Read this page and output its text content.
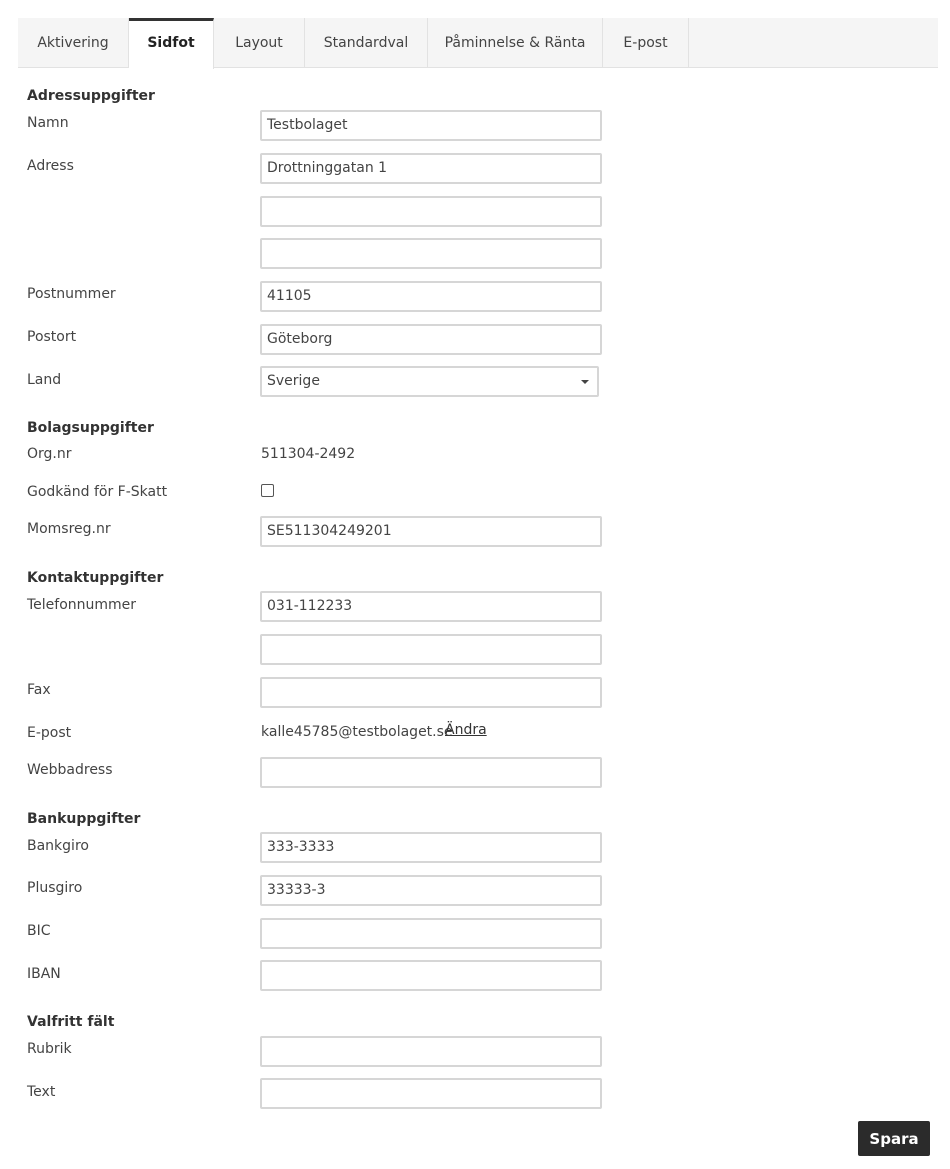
Aktivering	Sidfot	Layout	Standardval	Påminnelse & Ränta	E-post
Adressuppgifter
Namn	Testbolaget
Adress	Drottninggatan 1
Postnummer	41105
Postort	Göteborg
Land	Sverige
Bolagsuppgifter
Org.nr	511304-2492
Godkänd för F-Skatt
Momsreg.nr	SE511304249201
Kontaktuppgifter
Telefonnummer	031-112233
Fax
E-post	kalle45785@testbolaget.se
Ändra
Webbadress
Bankuppgifter
Bankgiro	333-3333
Plusgiro	33333-3
BIC
IBAN
Valfritt fält
Rubrik
Text
Spara
